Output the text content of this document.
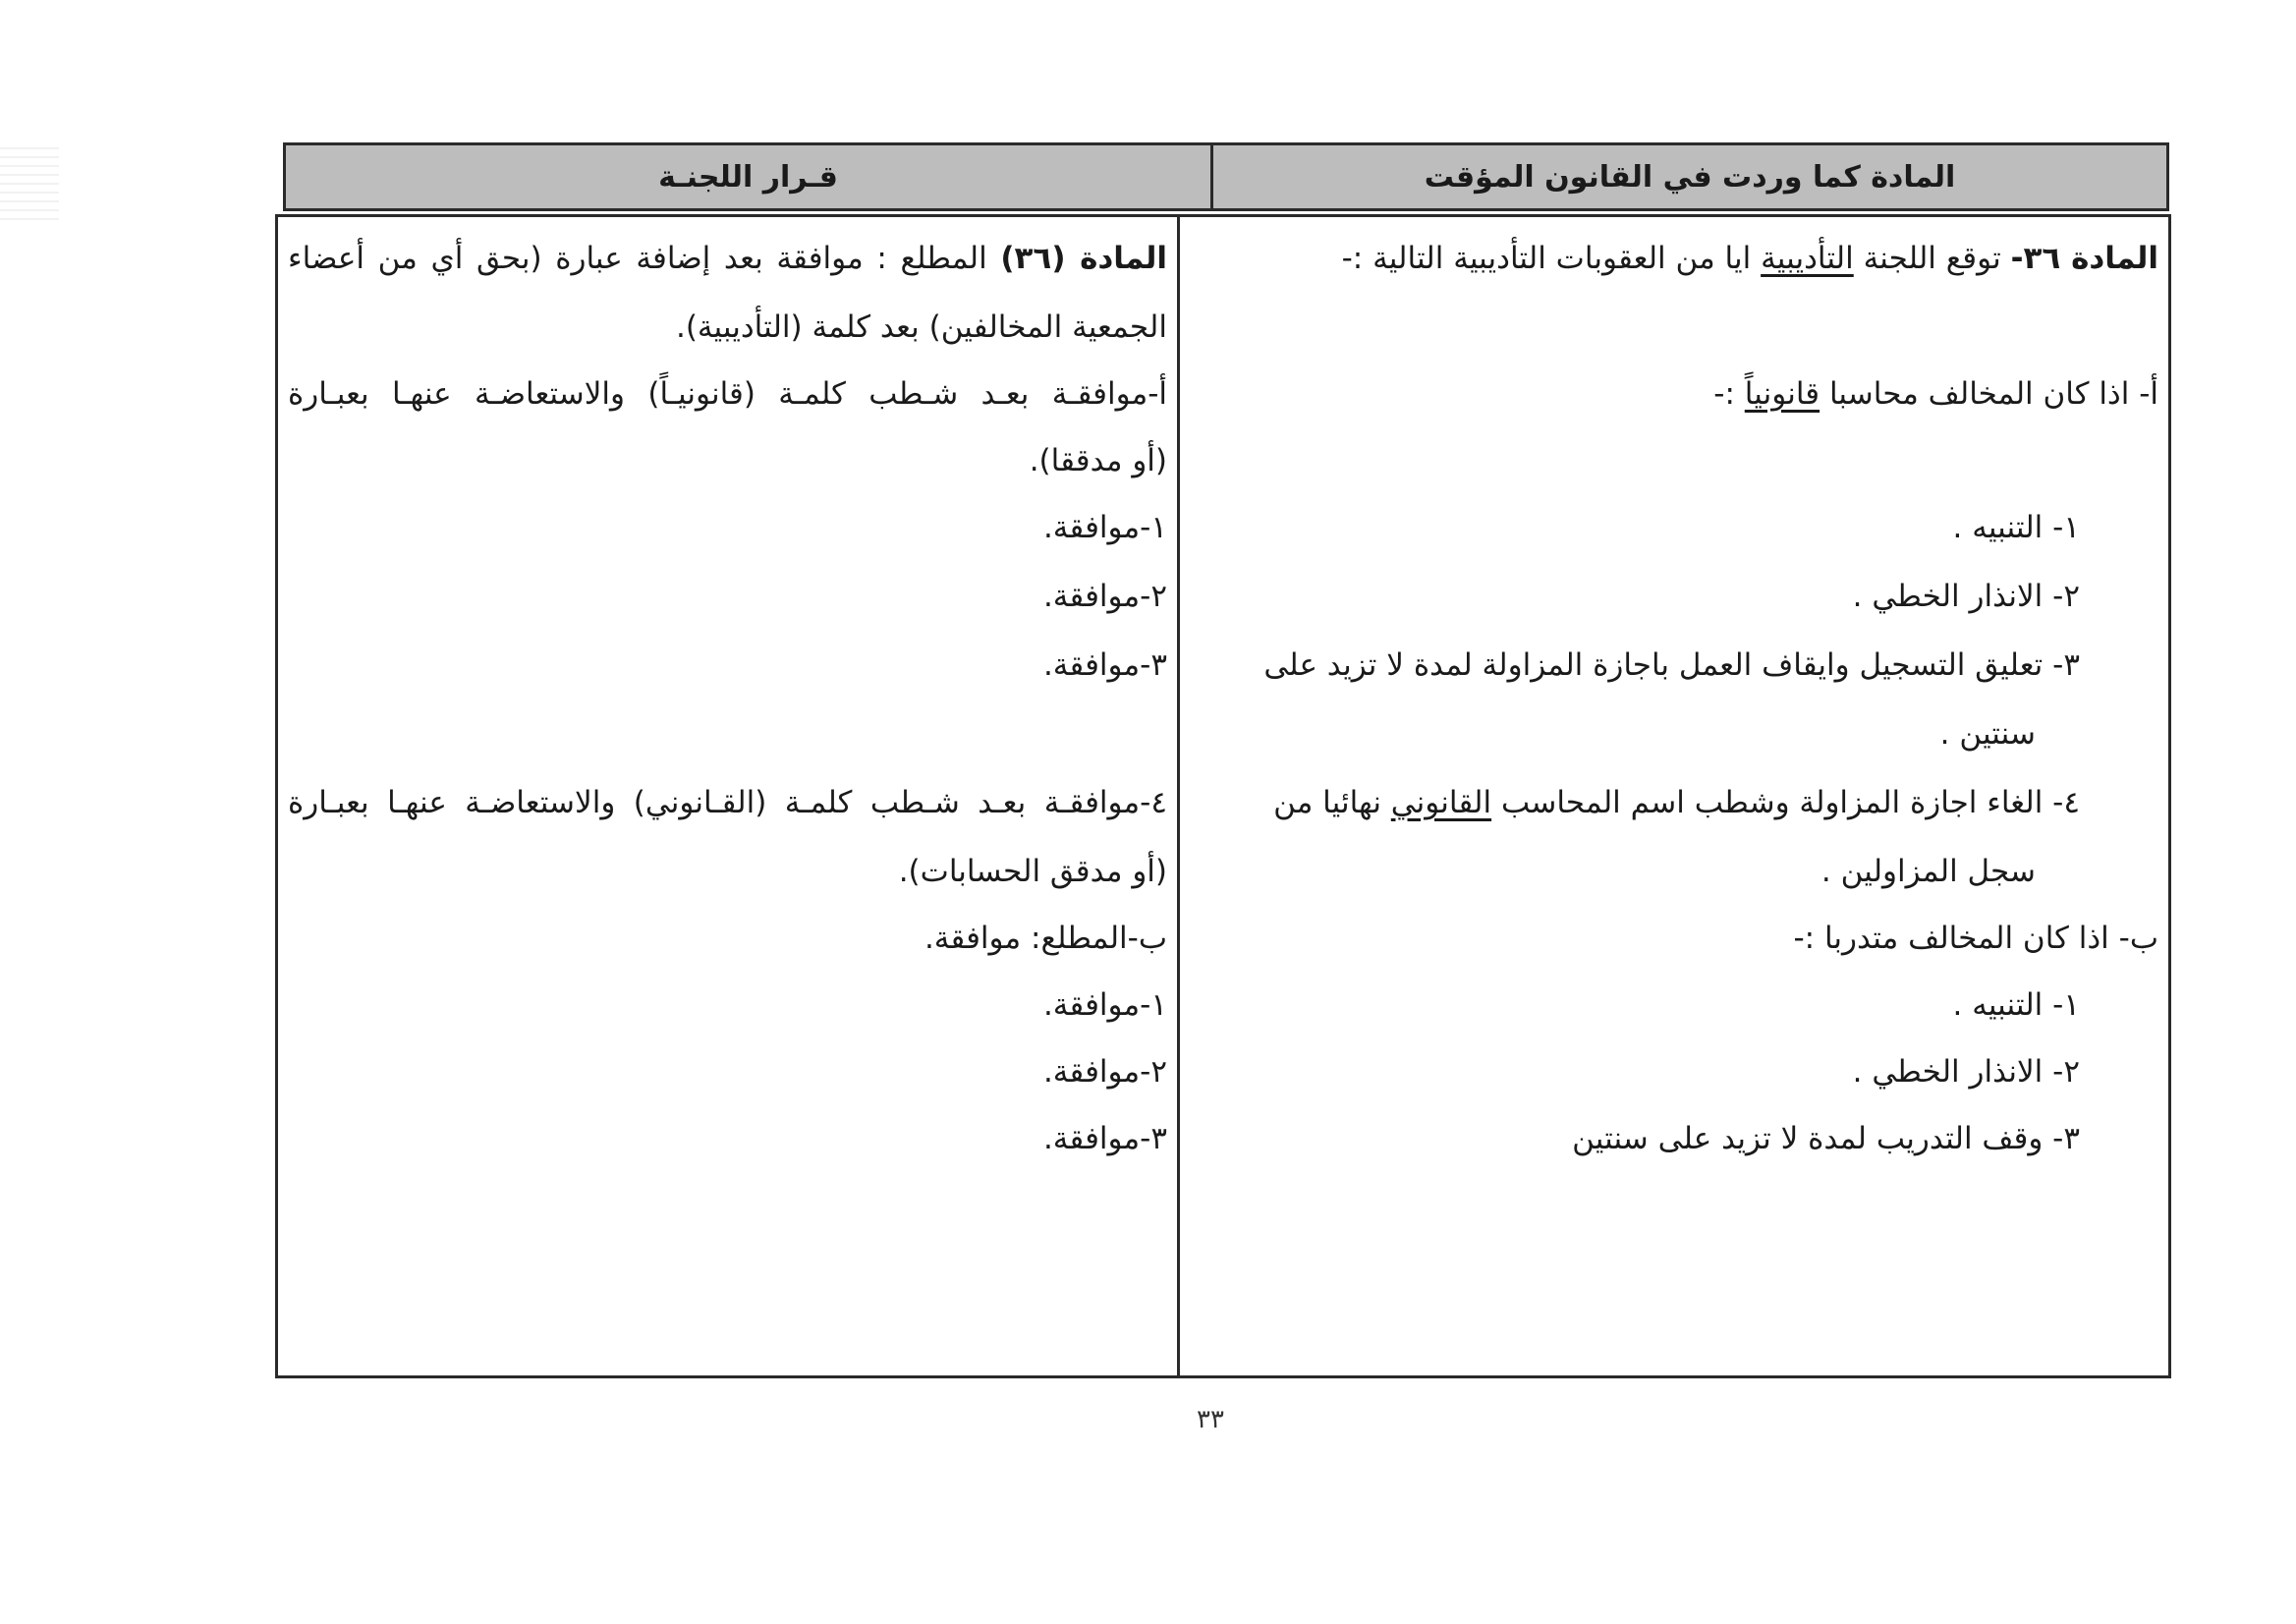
المادة كما وردت في القانون المؤقت
قـرار اللجنـة
المادة ٣٦- توقع اللجنة التأديبية ايا من العقوبات التأديبية التالية :-
أ- اذا كان المخالف محاسبا قانونياً :-
١- التنبيه .
٢- الانذار الخطي .
٣- تعليق التسجيل وايقاف العمل باجازة المزاولة لمدة لا تزيد على
سنتين .
٤- الغاء اجازة المزاولة وشطب اسم المحاسب القانوني نهائيا من
سجل المزاولين .
ب- اذا كان المخالف متدربا :-
١- التنبيه .
٢- الانذار الخطي .
٣- وقف التدريب لمدة لا تزيد على سنتين
المادة (٣٦) المطلع : موافقة بعد إضافة عبارة (بحق أي من أعضاء
الجمعية المخالفين) بعد كلمة (التأديبية).
أ-موافقـة بعـد شـطب كلمـة (قانونيـاً) والاستعاضـة عنهـا بعبـارة
(أو مدققا).
١-موافقة.
٢-موافقة.
٣-موافقة.
٤-موافقـة بعـد شـطب كلمـة (القـانوني) والاستعاضـة عنهـا بعبـارة
(أو مدقق الحسابات).
ب-المطلع: موافقة.
١-موافقة.
٢-موافقة.
٣-موافقة.
٣٣
